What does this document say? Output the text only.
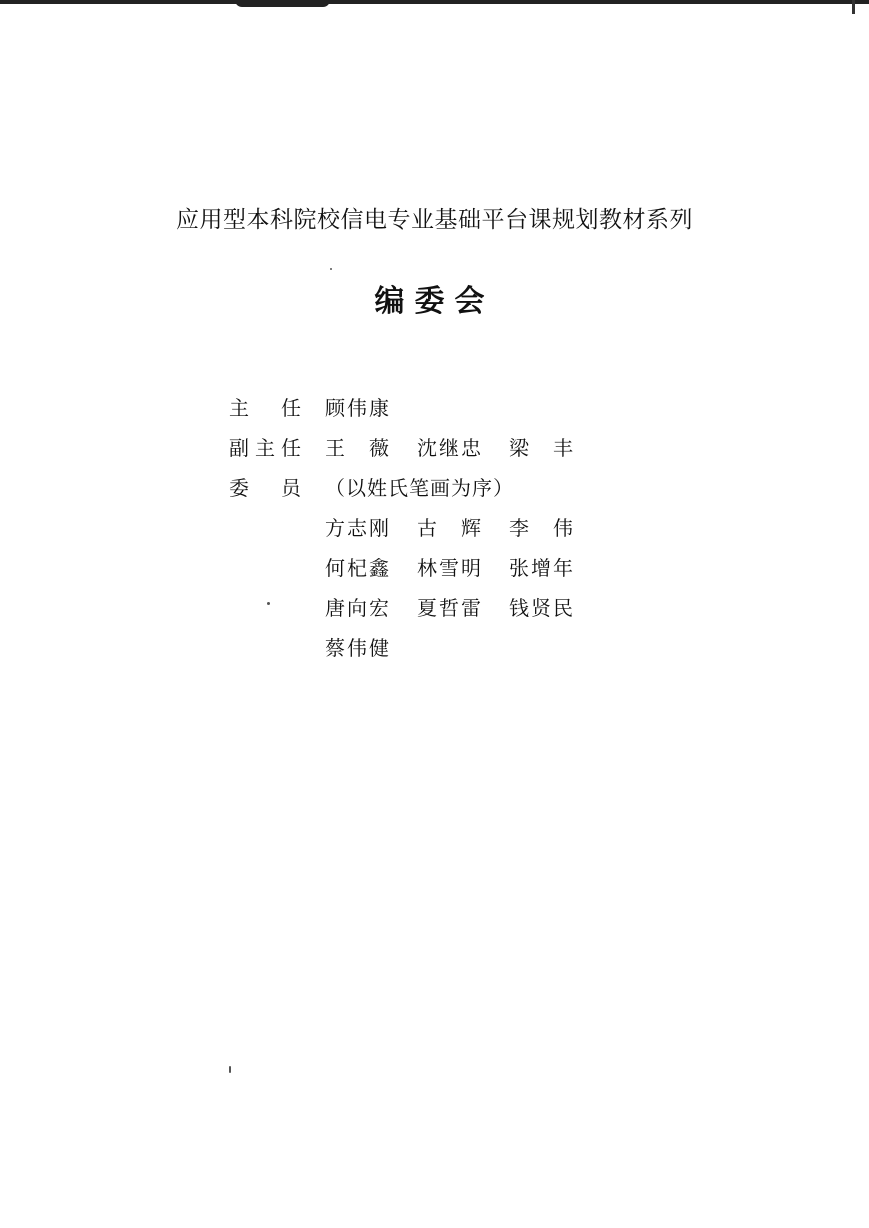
应用型本科院校信电专业基础平台课规划教材系列
编委会
主任 顾伟康
副主任 王薇 沈继忠 梁丰
委员 （以姓氏笔画为序）
方志刚 古辉 李伟
何杞鑫 林雪明 张增年
唐向宏 夏哲雷 钱贤民
蔡伟健
